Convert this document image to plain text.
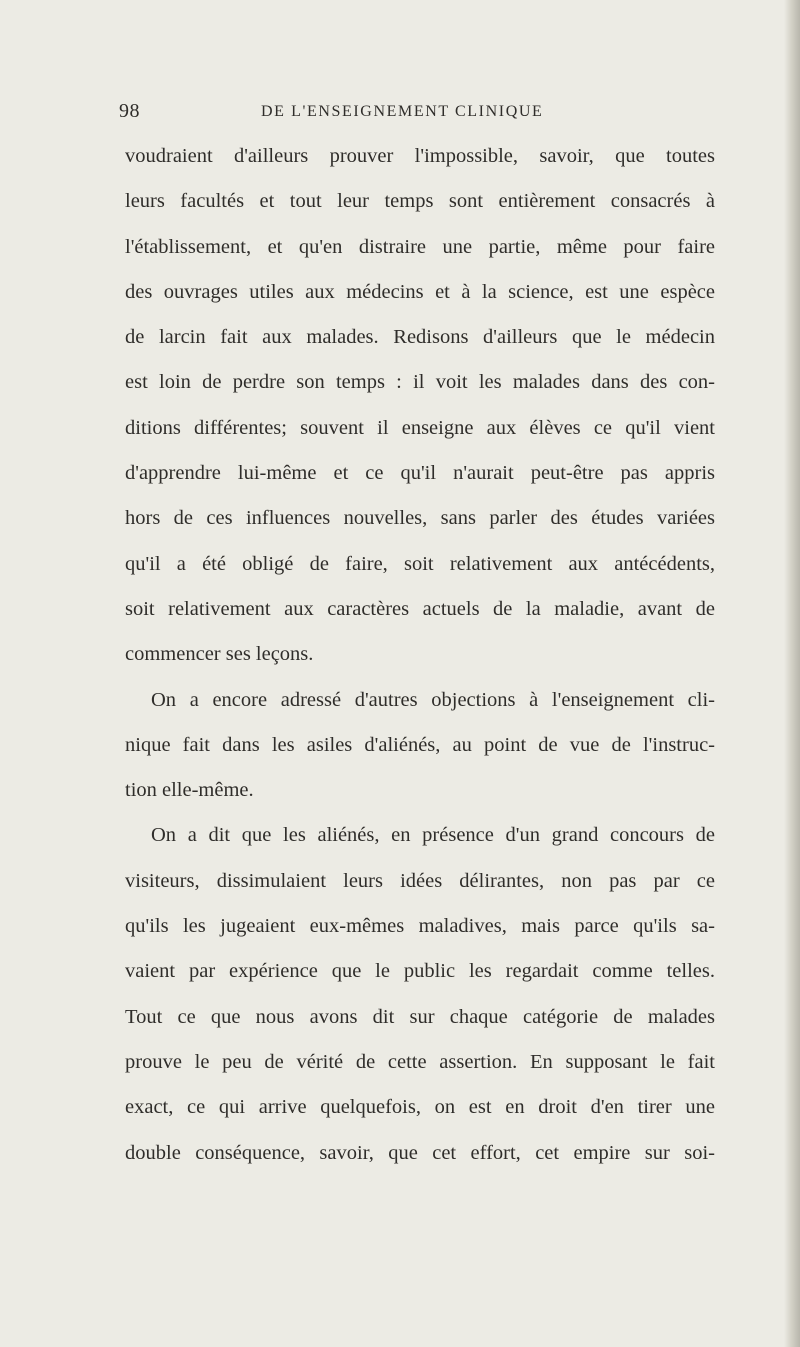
98	DE L'ENSEIGNEMENT CLINIQUE
voudraient d'ailleurs prouver l'impossible, savoir, que toutes
leurs facultés et tout leur temps sont entièrement consacrés à
l'établissement, et qu'en distraire une partie, même pour faire
des ouvrages utiles aux médecins et à la science, est une espèce
de larcin fait aux malades. Redisons d'ailleurs que le médecin
est loin de perdre son temps : il voit les malades dans des con-
ditions différentes; souvent il enseigne aux élèves ce qu'il vient
d'apprendre lui-même et ce qu'il n'aurait peut-être pas appris
hors de ces influences nouvelles, sans parler des études variées
qu'il a été obligé de faire, soit relativement aux antécédents,
soit relativement aux caractères actuels de la maladie, avant de
commencer ses leçons.
On a encore adressé d'autres objections à l'enseignement cli-
nique fait dans les asiles d'aliénés, au point de vue de l'instruc-
tion elle-même.
On a dit que les aliénés, en présence d'un grand concours de
visiteurs, dissimulaient leurs idées délirantes, non pas par ce
qu'ils les jugeaient eux-mêmes maladives, mais parce qu'ils sa-
vaient par expérience que le public les regardait comme telles.
Tout ce que nous avons dit sur chaque catégorie de malades
prouve le peu de vérité de cette assertion. En supposant le fait
exact, ce qui arrive quelquefois, on est en droit d'en tirer une
double conséquence, savoir, que cet effort, cet empire sur soi-
